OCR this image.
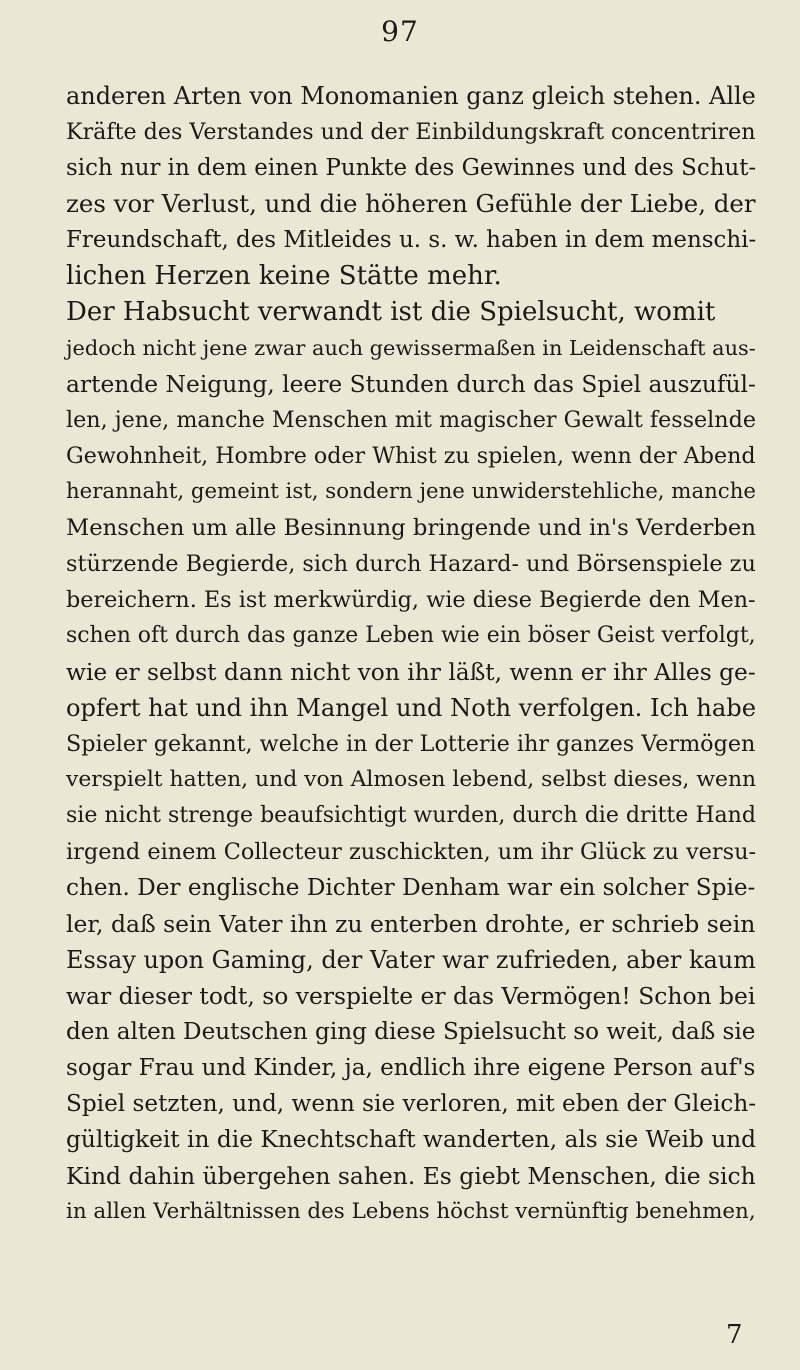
97
anderen Arten von Monomanien ganz gleich stehen. Alle
Kräfte des Verstandes und der Einbildungskraft concentriren
sich nur in dem einen Punkte des Gewinnes und des Schut-
zes vor Verlust, und die höheren Gefühle der Liebe, der
Freundschaft, des Mitleides u. s. w. haben in dem menschi-
lichen Herzen keine Stätte mehr.
Der Habsucht verwandt ist die Spielsucht, womit
jedoch nicht jene zwar auch gewissermaßen in Leidenschaft aus-
artende Neigung, leere Stunden durch das Spiel auszufül-
len, jene, manche Menschen mit magischer Gewalt fesselnde
Gewohnheit, Hombre oder Whist zu spielen, wenn der Abend
herannaht, gemeint ist, sondern jene unwiderstehliche, manche
Menschen um alle Besinnung bringende und in's Verderben
stürzende Begierde, sich durch Hazard- und Börsenspiele zu
bereichern. Es ist merkwürdig, wie diese Begierde den Men-
schen oft durch das ganze Leben wie ein böser Geist verfolgt,
wie er selbst dann nicht von ihr läßt, wenn er ihr Alles ge-
opfert hat und ihn Mangel und Noth verfolgen. Ich habe
Spieler gekannt, welche in der Lotterie ihr ganzes Vermögen
verspielt hatten, und von Almosen lebend, selbst dieses, wenn
sie nicht strenge beaufsichtigt wurden, durch die dritte Hand
irgend einem Collecteur zuschickten, um ihr Glück zu versu-
chen. Der englische Dichter Denham war ein solcher Spie-
ler, daß sein Vater ihn zu enterben drohte, er schrieb sein
Essay upon Gaming, der Vater war zufrieden, aber kaum
war dieser todt, so verspielte er das Vermögen! Schon bei
den alten Deutschen ging diese Spielsucht so weit, daß sie
sogar Frau und Kinder, ja, endlich ihre eigene Person auf's
Spiel setzten, und, wenn sie verloren, mit eben der Gleich-
gültigkeit in die Knechtschaft wanderten, als sie Weib und
Kind dahin übergehen sahen. Es giebt Menschen, die sich
in allen Verhältnissen des Lebens höchst vernünftig benehmen,
7
